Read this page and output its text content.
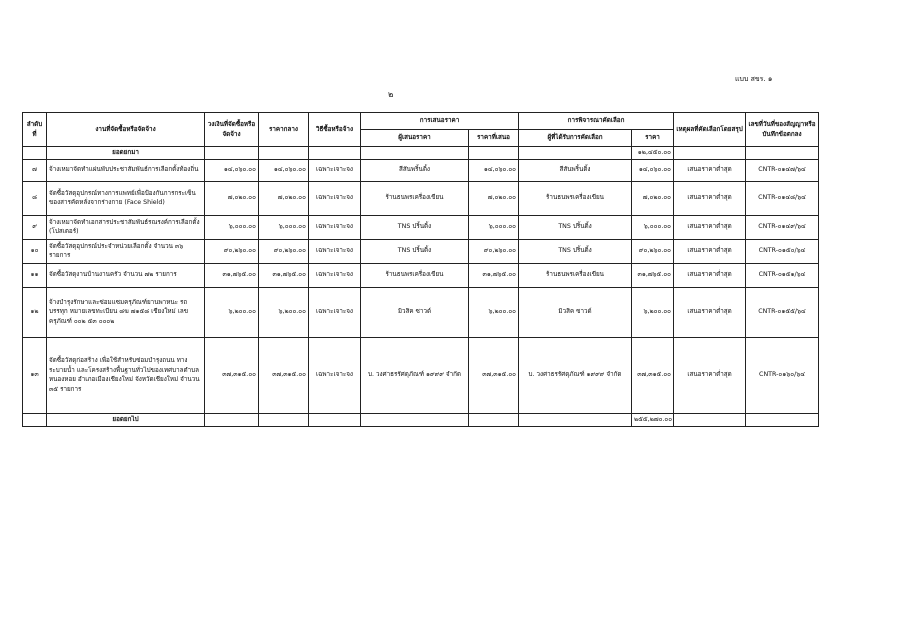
แบบ สขร. ๑
๒
ลำดับที่	งานที่จัดซื้อหรือจัดจ้าง	วงเงินที่จัดซื้อหรือจัดจ้าง	ราคากลาง	วิธีซื้อหรือจ้าง	การเสนอราคา		การพิจารณาคัดเลือก		เหตุผลที่คัดเลือกโดยสรุป	เลขที่วันที่ของสัญญาหรือบันทึกข้อตกลง
					ผู้เสนอราคา	ราคาที่เสนอ	ผู้ที่ได้รับการคัดเลือก	ราคา		
	ยอดยกมา							๑๒,๔๕๐.๐๐		
๗	จ้างเหมาจัดทำแผ่นพับประชาสัมพันธ์การเลือกตั้งท้องถิ่น	๑๔,๐๖๐.๐๐	๑๔,๐๖๐.๐๐	เฉพาะเจาะจง	สีสันพริ้นติ้ง	๑๔,๐๖๐.๐๐	สีสันพริ้นติ้ง	๑๔,๐๖๐.๐๐	เสนอราคาต่ำสุด	CNTR-๐๑๔๗/๖๔
๘	จัดซื้อวัสดุอุปกรณ์ทางการแพทย์เพื่อป้องกันการกระเซ็นของสารคัดหลั่งจากร่างกาย (Face Shield)	๗,๐๒๐.๐๐	๗,๐๒๐.๐๐	เฉพาะเจาะจง	ร้านธนพรเครื่องเขียน	๗,๐๒๐.๐๐	ร้านธนพรเครื่องเขียน	๗,๐๒๐.๐๐	เสนอราคาต่ำสุด	CNTR-๐๑๔๘/๖๔
๙	จ้างเหมาจัดทำเอกสารประชาสัมพันธ์รณรงค์การเลือกตั้ง (โปสเตอร์)	๖,๐๐๐.๐๐	๖,๐๐๐.๐๐	เฉพาะเจาะจง	TNS ปริ้นติ้ง	๖,๐๐๐.๐๐	TNS ปริ้นติ้ง	๖,๐๐๐.๐๐	เสนอราคาต่ำสุด	CNTR-๐๑๔๙/๖๔
๑๐	จัดซื้อวัสดุอุปกรณ์ประจำหน่วยเลือกตั้ง จำนวน ๓๖ รายการ	๙๐,๒๖๐.๐๐	๙๐,๒๖๐.๐๐	เฉพาะเจาะจง	TNS ปริ้นติ้ง	๙๐,๒๖๐.๐๐	TNS ปริ้นติ้ง	๙๐,๒๖๐.๐๐	เสนอราคาต่ำสุด	CNTR-๐๑๕๐/๖๔
๑๑	จัดซื้อวัสดุงานบ้านงานครัว จำนวน ๗๒ รายการ	๓๑,๗๖๕.๐๐	๓๑,๗๖๕.๐๐	เฉพาะเจาะจง	ร้านธนพรเครื่องเขียน	๓๑,๗๖๕.๐๐	ร้านธนพรเครื่องเขียน	๓๑,๗๖๕.๐๐	เสนอราคาต่ำสุด	CNTR-๐๑๕๑/๖๔
๑๒	จ้างบำรุงรักษาและซ่อมแซมครุภัณฑ์ยานพาหนะ รถบรรทุก หมายเลขทะเบียน ๘ฆ ๗๑๕๘ เชียงใหม่ เลขครุภัณฑ์ ๐๐๒ ๕๓ ๐๐๐๒	๖,๒๐๐.๐๐	๖,๒๐๐.๐๐	เฉพาะเจาะจง	มิวสิค ซาวด์	๖,๒๐๐.๐๐	มิวสิค ซาวด์	๖,๒๐๐.๐๐	เสนอราคาต่ำสุด	CNTR-๐๑๕๕/๖๔
๑๓	จัดซื้อวัสดุก่อสร้าง เพื่อใช้สำหรับซ่อมบำรุงถนน ทางระบายน้ำ และโครงสร้างพื้นฐานทั่วไปของเทศบาลตำบลหนองหอย อำเภอเมืองเชียงใหม่ จังหวัดเชียงใหม่ จำนวน ๓๕ รายการ	๓๗,๓๑๕.๐๐	๓๗,๓๑๕.๐๐	เฉพาะเจาะจง	บ. วงศาธรรัศดุภัณฑ์ ๑๙๙๙ จำกัด	๓๗,๓๑๕.๐๐	บ. วงศาธรรัศดุภัณฑ์ ๑๙๙๙ จำกัด	๓๗,๓๑๕.๐๐	เสนอราคาต่ำสุด	CNTR-๐๑๖๐/๖๔
	ยอดยกไป							๒๕๕,๒๗๐.๐๐		
